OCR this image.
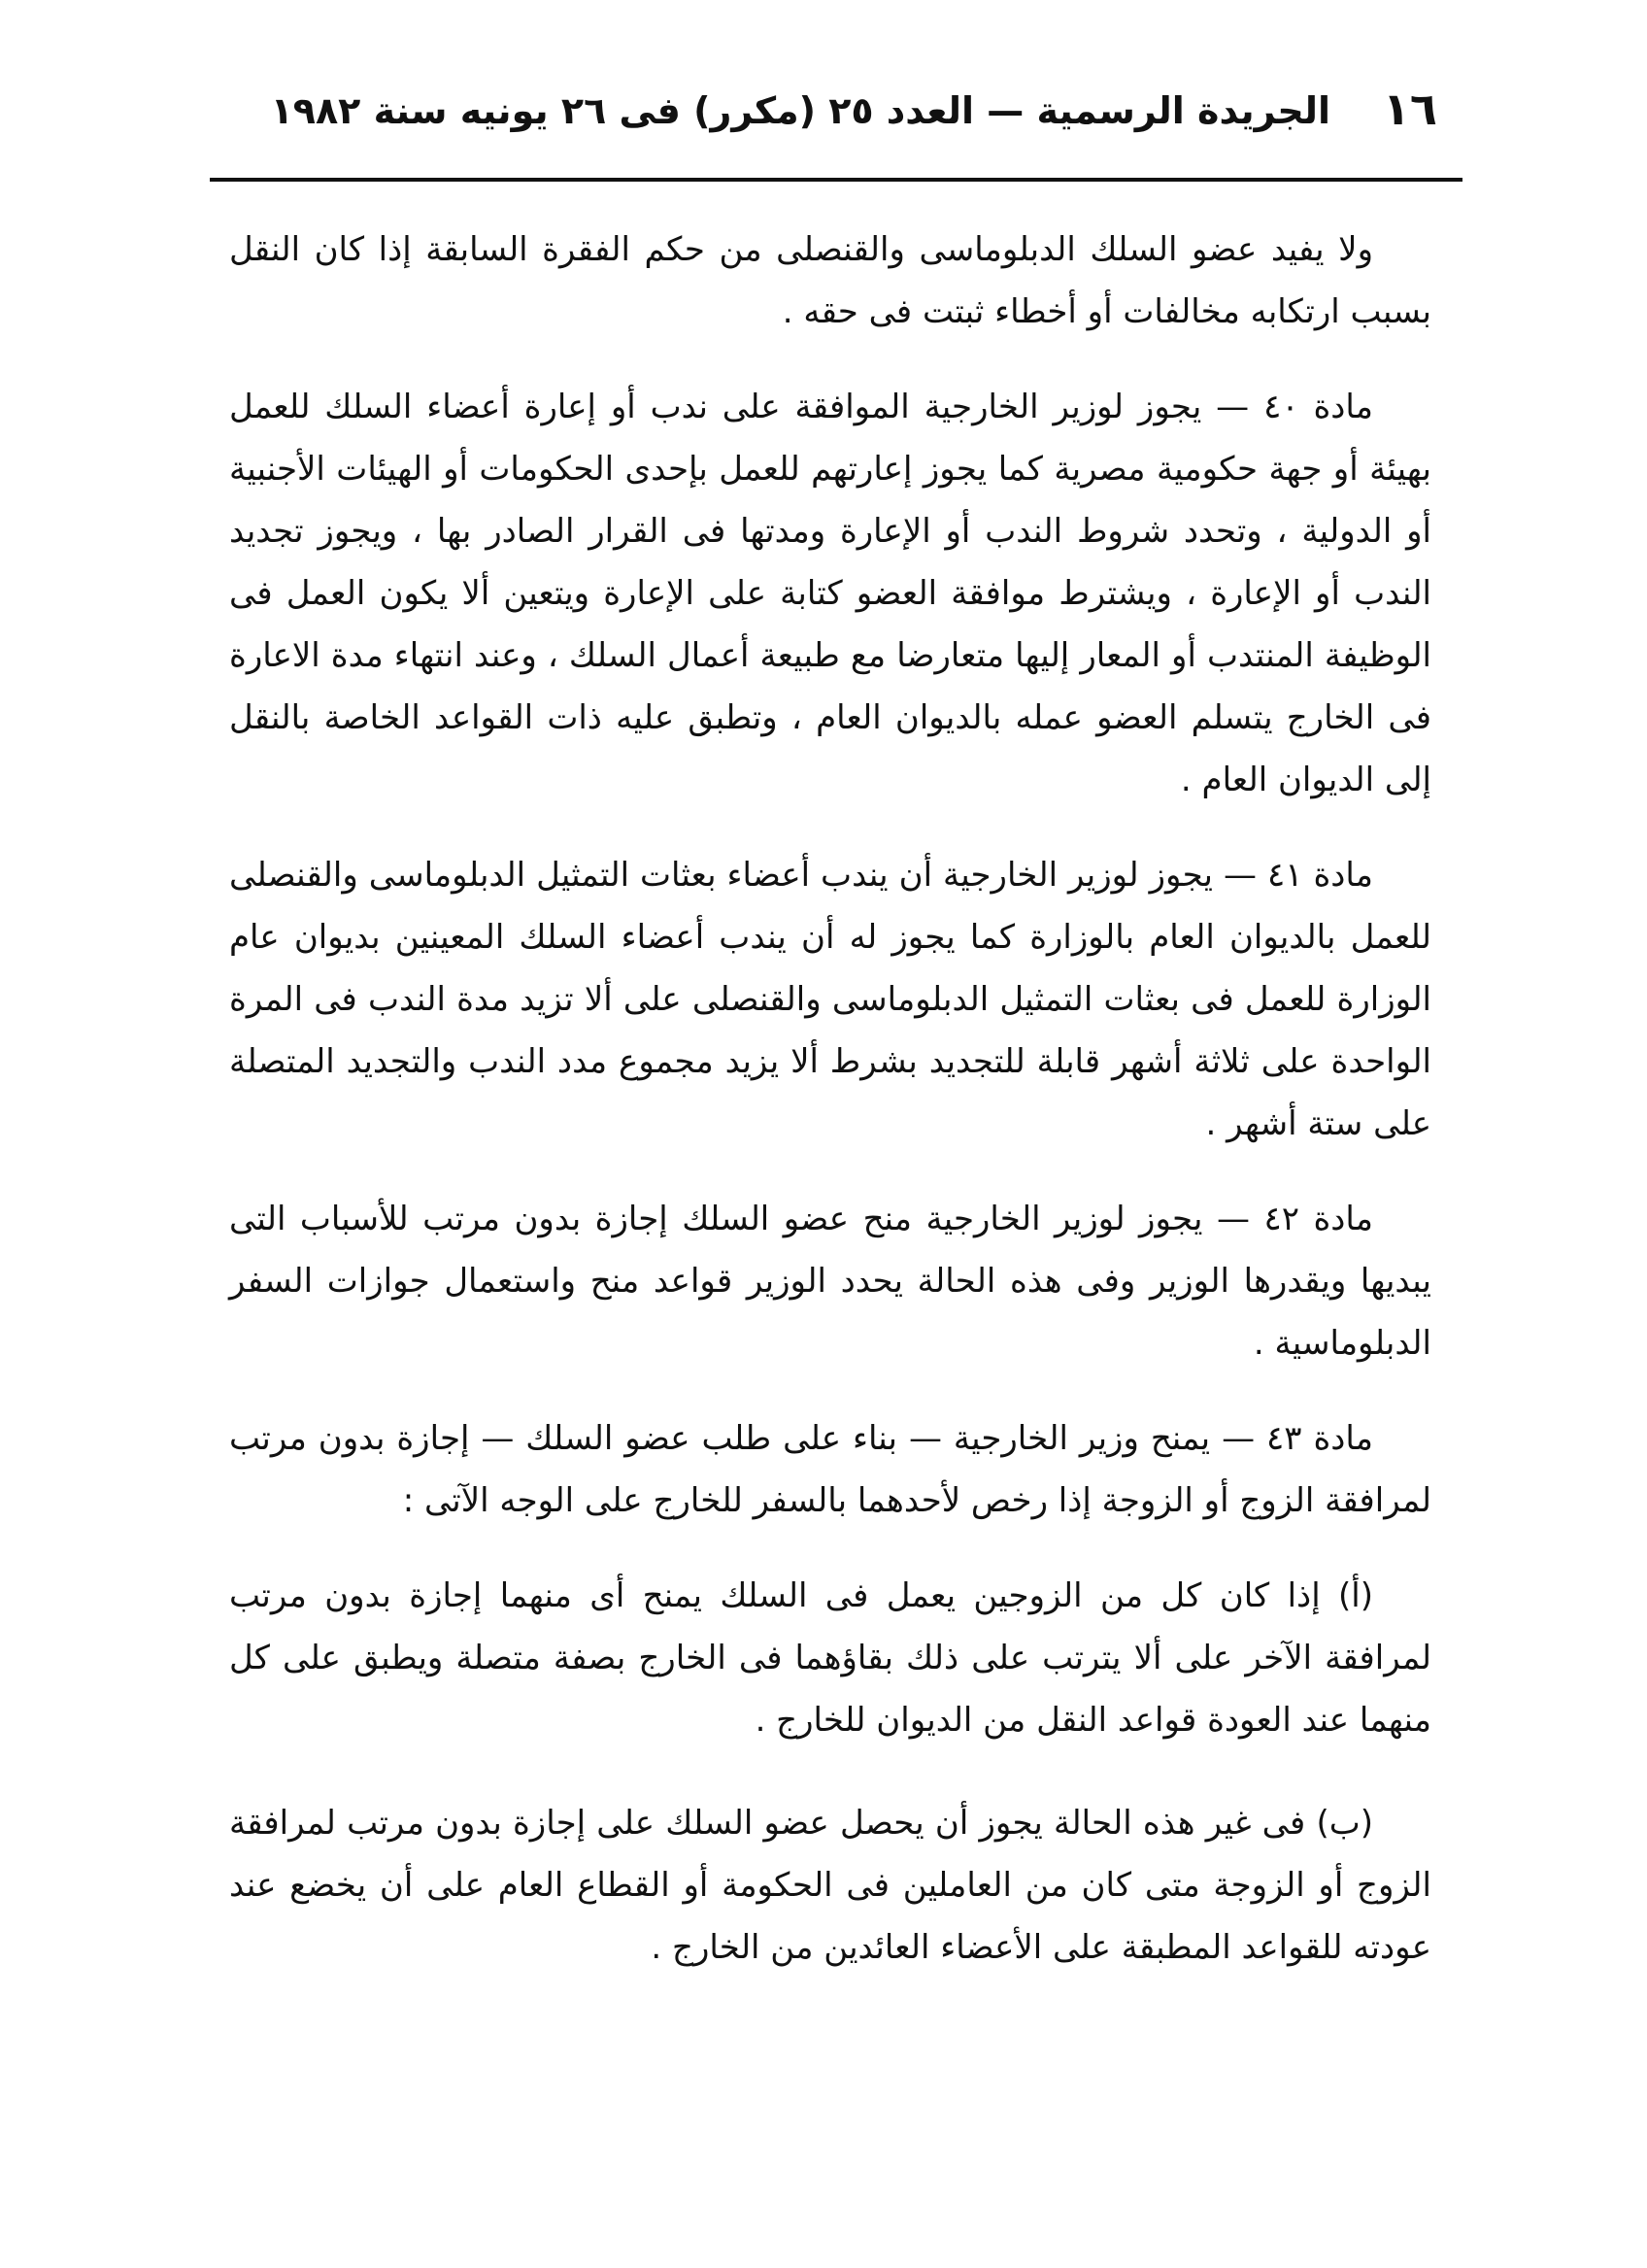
١٦
الجريدة الرسمية — العدد ٢٥ (مكرر) فى ٢٦ يونيه سنة ١٩٨٢

ولا يفيد عضو السلك الدبلوماسى والقنصلى من حكم الفقرة السابقة إذا كان النقل بسبب ارتكابه مخالفات أو أخطاء ثبتت فى حقه .

مادة ٤٠ — يجوز لوزير الخارجية الموافقة على ندب أو إعارة أعضاء السلك للعمل بهيئة أو جهة حكومية مصرية كما يجوز إعارتهم للعمل بإحدى الحكومات أو الهيئات الأجنبية أو الدولية ، وتحدد شروط الندب أو الإعارة ومدتها فى القرار الصادر بها ، ويجوز تجديد الندب أو الإعارة ، ويشترط موافقة العضو كتابة على الإعارة ويتعين ألا يكون العمل فى الوظيفة المنتدب أو المعار إليها متعارضا مع طبيعة أعمال السلك ، وعند انتهاء مدة الاعارة فى الخارج يتسلم العضو عمله بالديوان العام ، وتطبق عليه ذات القواعد الخاصة بالنقل إلى الديوان العام .

مادة ٤١ — يجوز لوزير الخارجية أن يندب أعضاء بعثات التمثيل الدبلوماسى والقنصلى للعمل بالديوان العام بالوزارة كما يجوز له أن يندب أعضاء السلك المعينين بديوان عام الوزارة للعمل فى بعثات التمثيل الدبلوماسى والقنصلى على ألا تزيد مدة الندب فى المرة الواحدة على ثلاثة أشهر قابلة للتجديد بشرط ألا يزيد مجموع مدد الندب والتجديد المتصلة على ستة أشهر .

مادة ٤٢ — يجوز لوزير الخارجية منح عضو السلك إجازة بدون مرتب للأسباب التى يبديها ويقدرها الوزير وفى هذه الحالة يحدد الوزير قواعد منح واستعمال جوازات السفر الدبلوماسية .

مادة ٤٣ — يمنح وزير الخارجية — بناء على طلب عضو السلك — إجازة بدون مرتب لمرافقة الزوج أو الزوجة إذا رخص لأحدهما بالسفر للخارج على الوجه الآتى :

(أ) إذا كان كل من الزوجين يعمل فى السلك يمنح أى منهما إجازة بدون مرتب لمرافقة الآخر على ألا يترتب على ذلك بقاؤهما فى الخارج بصفة متصلة ويطبق على كل منهما عند العودة قواعد النقل من الديوان للخارج .

(ب) فى غير هذه الحالة يجوز أن يحصل عضو السلك على إجازة بدون مرتب لمرافقة الزوج أو الزوجة متى كان من العاملين فى الحكومة أو القطاع العام على أن يخضع عند عودته للقواعد المطبقة على الأعضاء العائدين من الخارج .
